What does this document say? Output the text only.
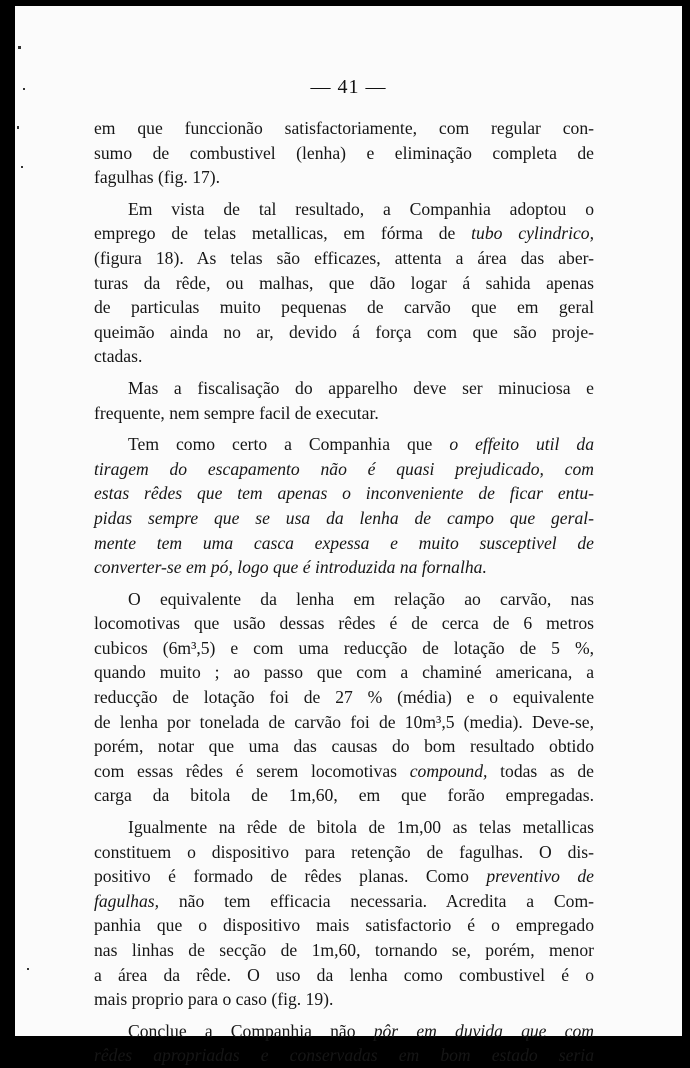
— 41 —

em que funccionão satisfactoriamente, com regular con-
sumo de combustivel (lenha) e eliminação completa de
fagulhas (fig. 17).
Em vista de tal resultado, a Companhia adoptou o
emprego de telas metallicas, em fórma de tubo cylindrico,
(figura 18). As telas são efficazes, attenta a área das aber-
turas da rêde, ou malhas, que dão logar á sahida apenas
de particulas muito pequenas de carvão que em geral
queimão ainda no ar, devido á força com que são proje-
ctadas.
Mas a fiscalisação do apparelho deve ser minuciosa e
frequente, nem sempre facil de executar.
Tem como certo a Companhia que o effeito util da
tiragem do escapamento não é quasi prejudicado, com
estas rêdes que tem apenas o inconveniente de ficar entu-
pidas sempre que se usa da lenha de campo que geral-
mente tem uma casca expessa e muito susceptivel de
converter-se em pó, logo que é introduzida na fornalha.
O equivalente da lenha em relação ao carvão, nas
locomotivas que usão dessas rêdes é de cerca de 6 metros
cubicos (6m³,5) e com uma reducção de lotação de 5 %,
quando muito ; ao passo que com a chaminé americana, a
reducção de lotação foi de 27 % (média) e o equivalente
de lenha por tonelada de carvão foi de 10m³,5 (media). Deve-se,
porém, notar que uma das causas do bom resultado obtido
com essas rêdes é serem locomotivas compound, todas as de
carga da bitola de 1m,60, em que forão empregadas.
Igualmente na rêde de bitola de 1m,00 as telas metallicas
constituem o dispositivo para retenção de fagulhas. O dis-
positivo é formado de rêdes planas. Como preventivo de
fagulhas, não tem efficacia necessaria. Acredita a Com-
panhia que o dispositivo mais satisfactorio é o empregado
nas linhas de secção de 1m,60, tornando se, porém, menor
a área da rêde. O uso da lenha como combustivel é o
mais proprio para o caso (fig. 19).
Conclue a Companhia não pôr em duvida que com
rêdes apropriadas e conservadas em bom estado seria
